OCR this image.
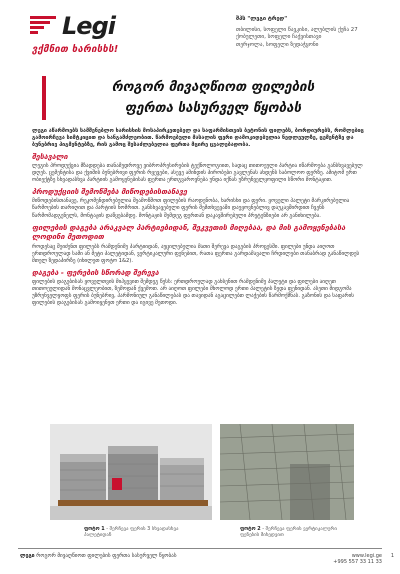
Legi
ვქმნით ხარისხს!
შპს "ლეგი ტრედ"
თბილისი, სოფელი წავკისი, ალუბლის ქუჩა 27
ქობულეთი, სოფელი ჩაქვისთავი
თერჯოლა, სოფელი ზედაჭყონი
როგორ მივაღწიოთ ფილების
ფერთა სასურველ წყობას

ლეგი აწარმოებს სამშენებლო ხარისხის მოსაპირკეთებელ და საფარმისთვის ბეტონის ფილებს, ბორდიურებს, რომლებიც გამოირჩევა სიმტკიცით და ხანგამძლეობით. წარმოებული მასალის ფერი დამოკიდებულია ნედლეულზე, ცემენტზე და ბუნებრივ პიგმენტებზე, რის გამოც შესაძლებელია ფერთა მცირე ცვალებადობა.

შესავალი

ლეგის პროდუქცია მზადდება თანამედროვე ვიბროპრესირების ტექნოლოგიით, სადაც თითოეული პარტია იწარმოება განსხვავებულ დღეს. ცემენტისა და ქვიშის ბუნებრივი ფერის რყევები, ასევე ამინდის პირობები გავლენას ახდენს საბოლოო ფერზე. ამიტომ ერთ ობიექტზე სხვადასხვა პარტიის გამოყენებისას ფერთა ერთგვაროვნება უნდა იქნას უზრუნველყოფილი სწორი მონტაჟით.

პროდუქციის შემოწმება მიწოდებისთანავე

მიწოდებისთანავე, რეკომენდირებულია შეამოწმოთ ფილების რაოდენობა, ხარისხი და ფერი. ყოველი პალეტი მარკირებულია წარმოების თარიღით და პარტიის ნომრით. განსხვავებული ფერის შემთხვევაში დაუყოვნებლივ დაუკავშირდით ჩვენს წარმომადგენელს, მონტაჟის დაწყებამდე. მონტაჟის შემდეგ ფერთან დაკავშირებული პრეტენზიები არ განიხილება.

ფილების დაგება არაკვალ პარტიებიდან, შეკვეთის მიღებაა, და მის გამოყენებასა ლოდინი მეთოდით

როდესაც შეიძენთ ფილებს რამდენიმე პარტიიდან, აუცილებელია მათი შერევა დაგების პროცესში. ფილები უნდა აიღოთ ერთდროულად სამი ან მეტი პალეტიდან, ვერტიკალური ფენებით, რათა ფერთა გარდამავალი ჩრდილები თანაბრად განაწილდეს მთელ ზედაპირზე (იხილეთ ფოტო 1&2).

დაგება - ფერების სწორად შერევა

ფილების დაგებისას ყოველთვის მიჰყევით შემდეგ წესს: ერთდროულად გახსენით რამდენიმე პალეტი და ფილები აიღეთ თითოეულიდან მონაცვლეობით, ზემოდან ქვემოთ. არ აიღოთ ფილები მხოლოდ ერთი პალეტის ზედა ფენიდან. ასეთი მიდგომა უზრუნველყოფს ფერის ბუნებრივ, ჰარმონიულ განაწილებას და თავიდან აგაცილებთ ლაქების წარმოქმნას. გაზონის და საფარის ფილების დაგებისას გამოიყენეთ ერთი და იგივე მეთოდი.

ფოტო 1 - შერჩევა ფერის 3 სხვადასხვა პალეტიდან
ფოტო 2 - შერჩევა ფერის ვერტიკალური ფენების მიხედვით
ლეგი როგორ მივაღწიოთ ფილების ფერთა სასურველ წყობას	www.legi.ge
+995 557 33 11 33
1
